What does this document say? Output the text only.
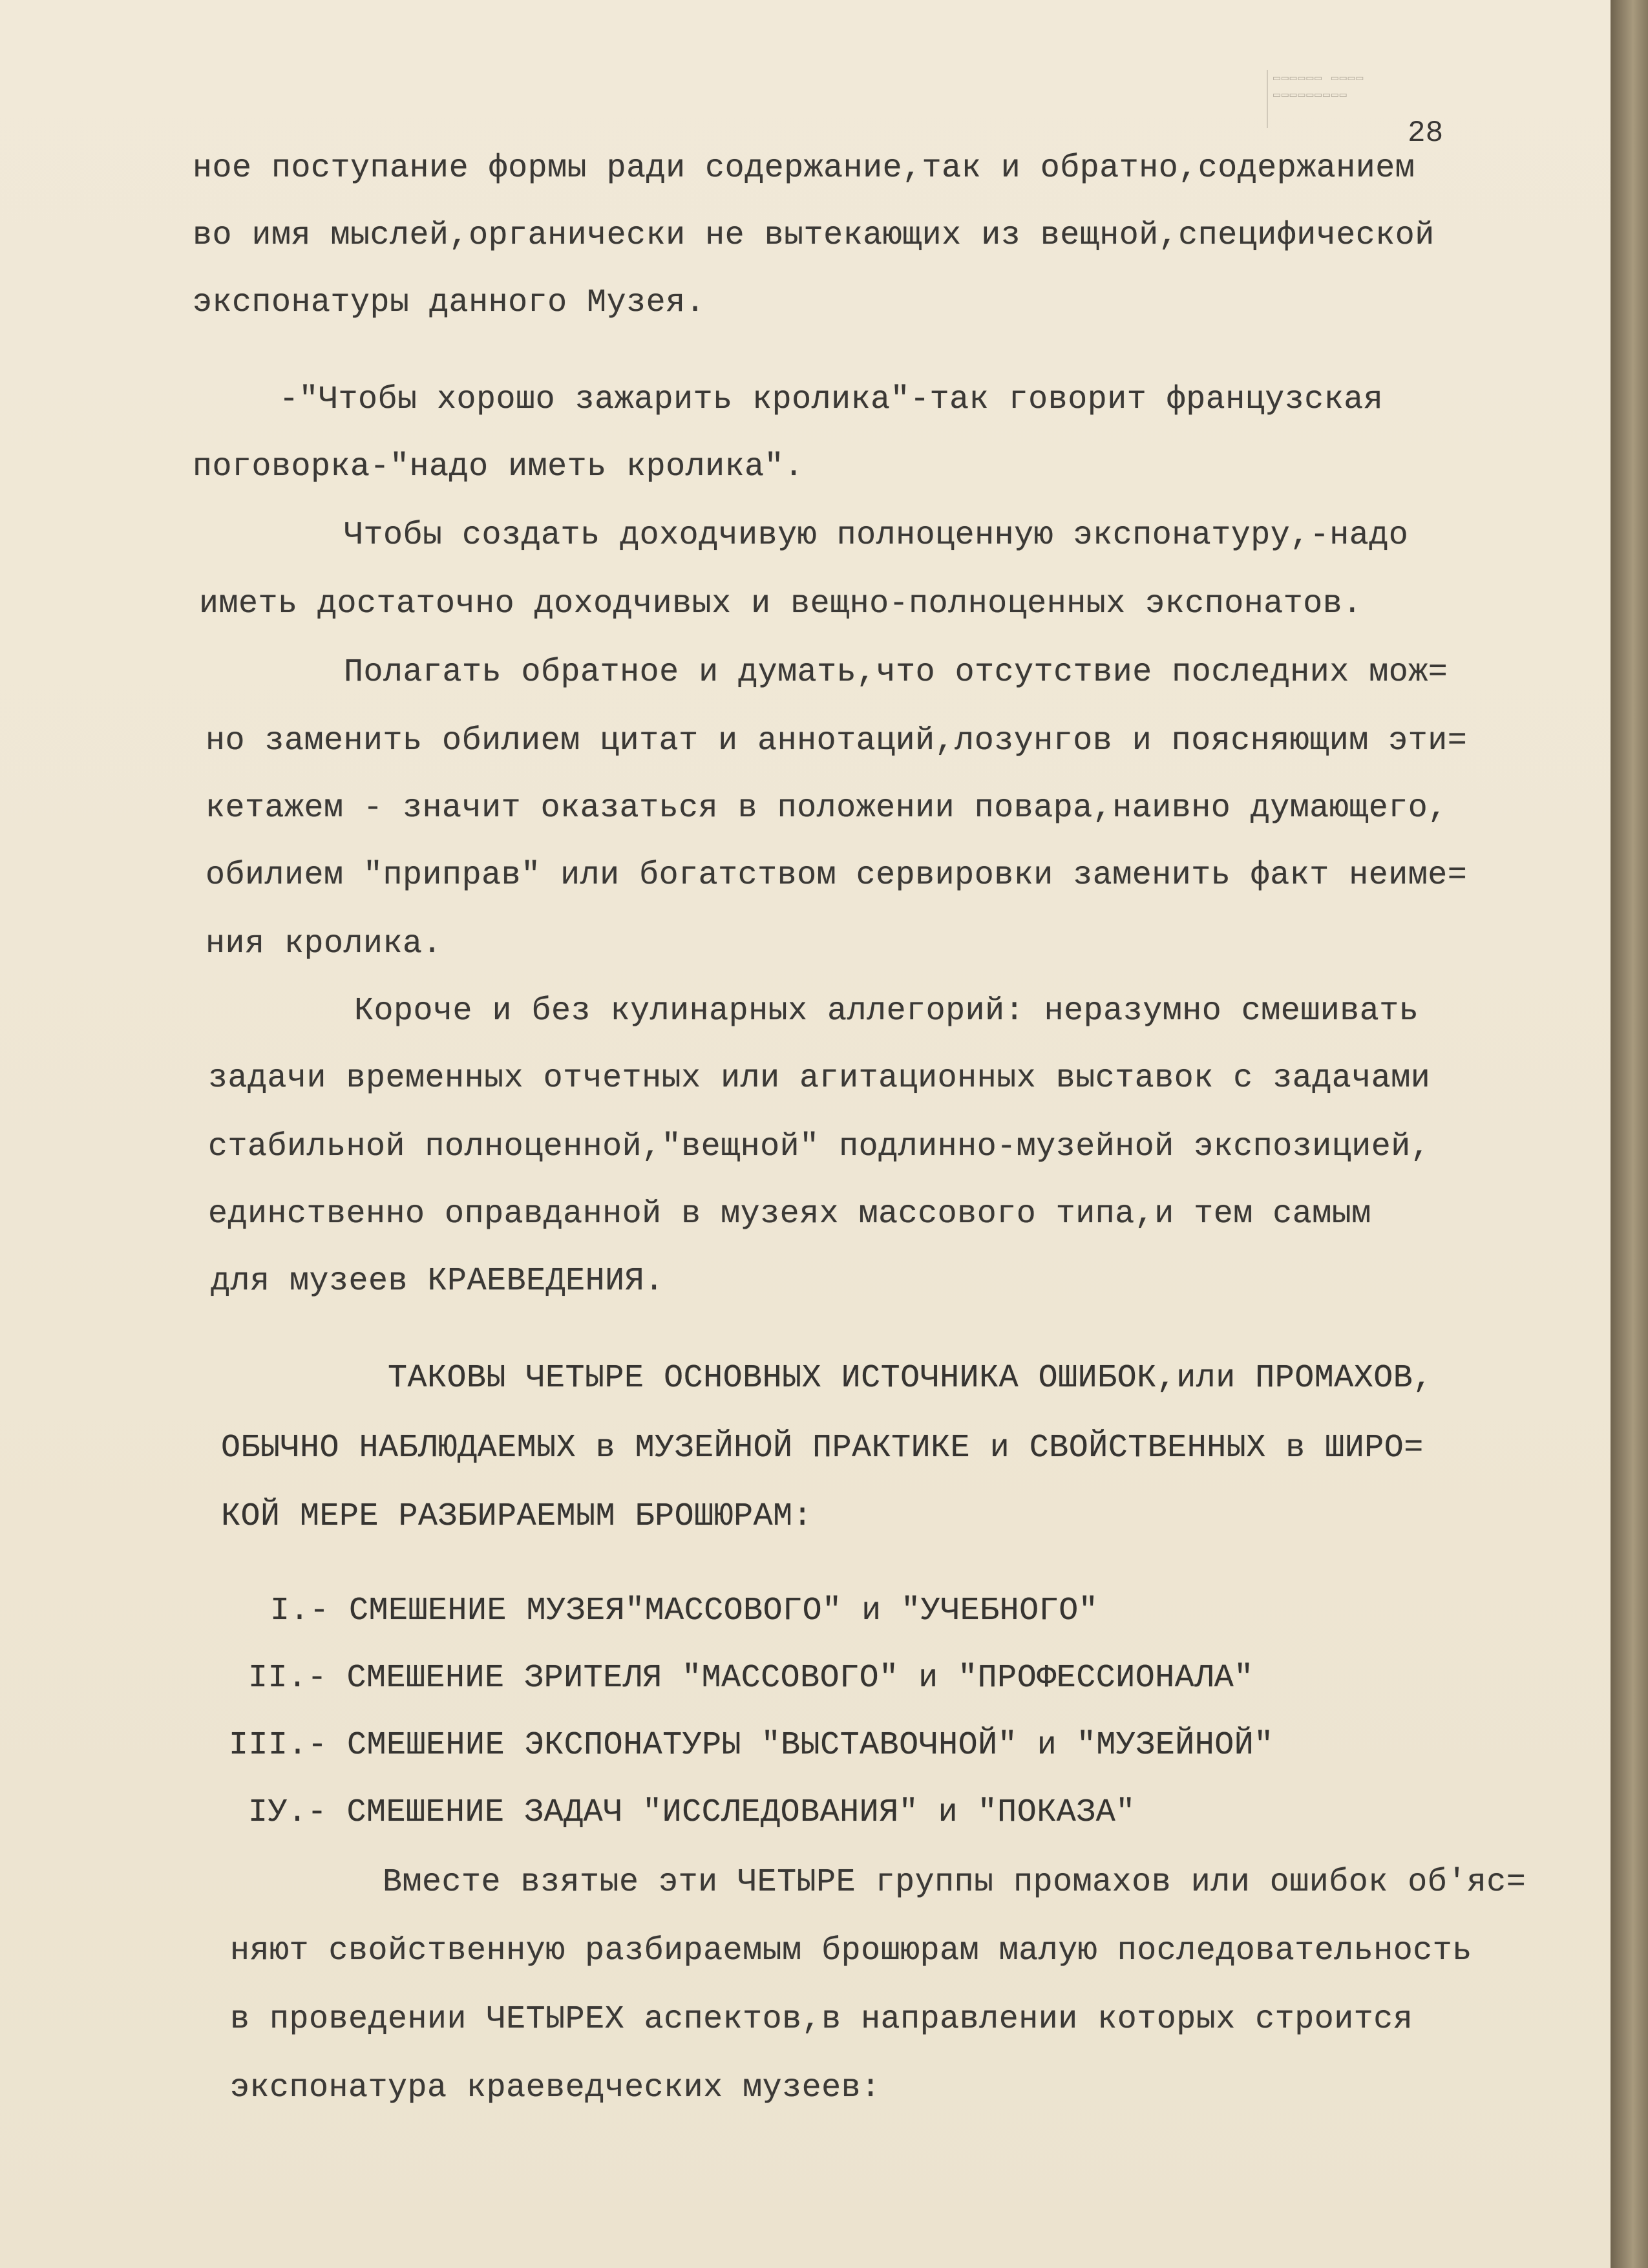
▭▭▭▭▭▭ ▭▭▭▭
▭▭▭▭▭▭▭▭▭
28
ное поступание формы ради содержание,так и обратно,содержанием
во имя мыслей,органически не вытекающих из вещной,специфической
экспонатуры данного Музея.
-"Чтобы хорошо зажарить кролика"-так говорит французская
поговорка-"надо иметь кролика".
Чтобы создать доходчивую полноценную экспонатуру,-надо
иметь достаточно доходчивых и вещно-полноценных экспонатов.
Полагать обратное и думать,что отсутствие последних мож=
но заменить обилием цитат и аннотаций,лозунгов и поясняющим эти=
кетажем - значит оказаться в положении повара,наивно думающего,
обилием "приправ" или богатством сервировки заменить факт неиме=
ния кролика.
Короче и без кулинарных аллегорий: неразумно смешивать
задачи временных отчетных или агитационных выставок с задачами
стабильной полноценной,"вещной" подлинно-музейной экспозицией,
единственно оправданной в музеях массового типа,и тем самым
для музеев КРАЕВЕДЕНИЯ.
ТАКОВЫ ЧЕТЫРЕ ОСНОВНЫХ ИСТОЧНИКА ОШИБОК,или ПРОМАХОВ,
ОБЫЧНО НАБЛЮДАЕМЫХ в МУЗЕЙНОЙ ПРАКТИКЕ и СВОЙСТВЕННЫХ в ШИРО=
КОЙ МЕРЕ РАЗБИРАЕМЫМ БРОШЮРАМ:
I.- СМЕШЕНИЕ МУЗЕЯ"МАССОВОГО" и "УЧЕБНОГО"
II.- СМЕШЕНИЕ ЗРИТЕЛЯ "МАССОВОГО" и "ПРОФЕССИОНАЛА"
III.- СМЕШЕНИЕ ЭКСПОНАТУРЫ "ВЫСТАВОЧНОЙ" и "МУЗЕЙНОЙ"
IУ.- СМЕШЕНИЕ ЗАДАЧ "ИССЛЕДОВАНИЯ" и "ПОКАЗА"
Вместе взятые эти ЧЕТЫРЕ группы промахов или ошибок об'яс=
няют свойственную разбираемым брошюрам малую последовательность
в проведении ЧЕТЫРЕХ аспектов,в направлении которых строится
экспонатура краеведческих музеев:
